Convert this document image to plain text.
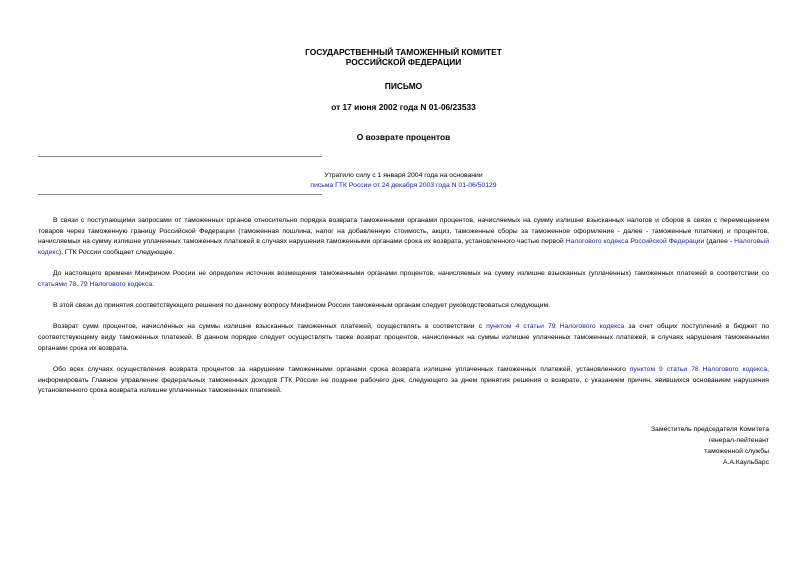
ГОСУДАРСТВЕННЫЙ ТАМОЖЕННЫЙ КОМИТЕТ
РОССИЙСКОЙ ФЕДЕРАЦИИ
ПИСЬМО
от 17 июня 2002 года N 01-06/23533
О возврате процентов
Утратило силу с 1 января 2004 года на основании
письма ГТК России от 24 декабря 2003 года N 01-06/50129

В связи с поступающими запросами от таможенных органов относительно порядка возврата таможенными органами процентов, начисляемых на сумму излишне взысканных налогов и сборов в связи с перемещением товаров через таможенную границу Российской Федерации (таможенная пошлина, налог на добавленную стоимость, акциз, таможенные сборы за таможенное оформление - далее - таможенные платежи) и процентов, начисляемых на сумму излишне уплаченных таможенных платежей в случаях нарушения таможенными органами срока их возврата, установленного частью первой Налогового кодекса Российской Федерации (далее - Налоговый кодекс), ГТК России сообщает следующее.

До настоящего времени Минфином России не определен источник возмещения таможенными органами процентов, начисляемых на сумму излишне взысканных (уплаченных) таможенных платежей в соответствии со статьями 78, 79 Налогового кодекса.

В этой связи до принятия соответствующего решения по данному вопросу Минфином России таможенным органам следует руководствоваться следующим.

Возврат сумм процентов, начисленных на суммы излишне взысканных таможенных платежей, осуществлять в соответствии с пунктом 4 статьи 79 Налогового кодекса за счет общих поступлений в бюджет по соответствующему виду таможенных платежей. В данном порядке следует осуществлять также возврат процентов, начисленных на суммы излишне уплаченных таможенных платежей, в случаях нарушения таможенными органами срока их возврата.

Обо всех случаях осуществления возврата процентов за нарушение таможенными органами срока возврата излишне уплаченных таможенных платежей, установленного пунктом 9 статьи 78 Налогового кодекса, информировать Главное управление федеральных таможенных доходов ГТК России не позднее рабочего дня, следующего за днем принятия решения о возврате, с указанием причин, явившихся основанием нарушения установленного срока возврата излишне уплаченных таможенных платежей.

Заместитель председателя Комитета
генерал-лейтенант
таможенной службы
А.А.Каульбарс
